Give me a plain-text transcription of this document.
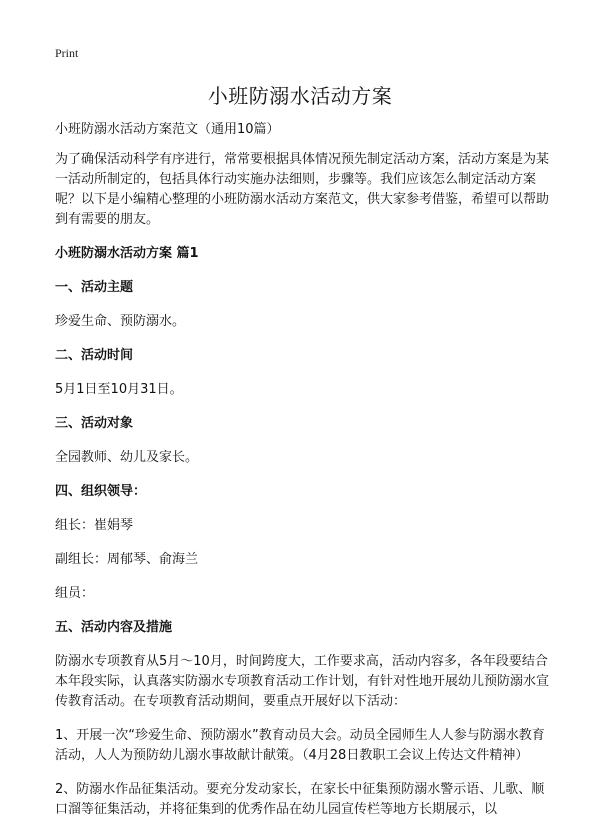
Print
小班防溺水活动方案

小班防溺水活动方案范文（通用10篇）

为了确保活动科学有序进行，常常要根据具体情况预先制定活动方案，活动方案是为某一活动所制定的，包括具体行动实施办法细则，步骤等。我们应该怎么制定活动方案呢？以下是小编精心整理的小班防溺水活动方案范文，供大家参考借鉴，希望可以帮助到有需要的朋友。

小班防溺水活动方案 篇1

一、活动主题

珍爱生命、预防溺水。

二、活动时间

5月1日至10月31日。

三、活动对象

全园教师、幼儿及家长。

四、组织领导：

组长：崔娟琴

副组长：周郁琴、俞海兰

组员：

五、活动内容及措施

防溺水专项教育从5月～10月，时间跨度大，工作要求高，活动内容多，各年段要结合本年段实际，认真落实防溺水专项教育活动工作计划，有针对性地开展幼儿预防溺水宣传教育活动。在专项教育活动期间，要重点开展好以下活动：

1、开展一次“珍爱生命、预防溺水”教育动员大会。动员全园师生人人参与防溺水教育活动，人人为预防幼儿溺水事故献计献策。（4月28日教职工会议上传达文件精神）

2、防溺水作品征集活动。要充分发动家长，在家长中征集预防溺水警示语、儿歌、顺口溜等征集活动，并将征集到的优秀作品在幼儿园宣传栏等地方长期展示，以
